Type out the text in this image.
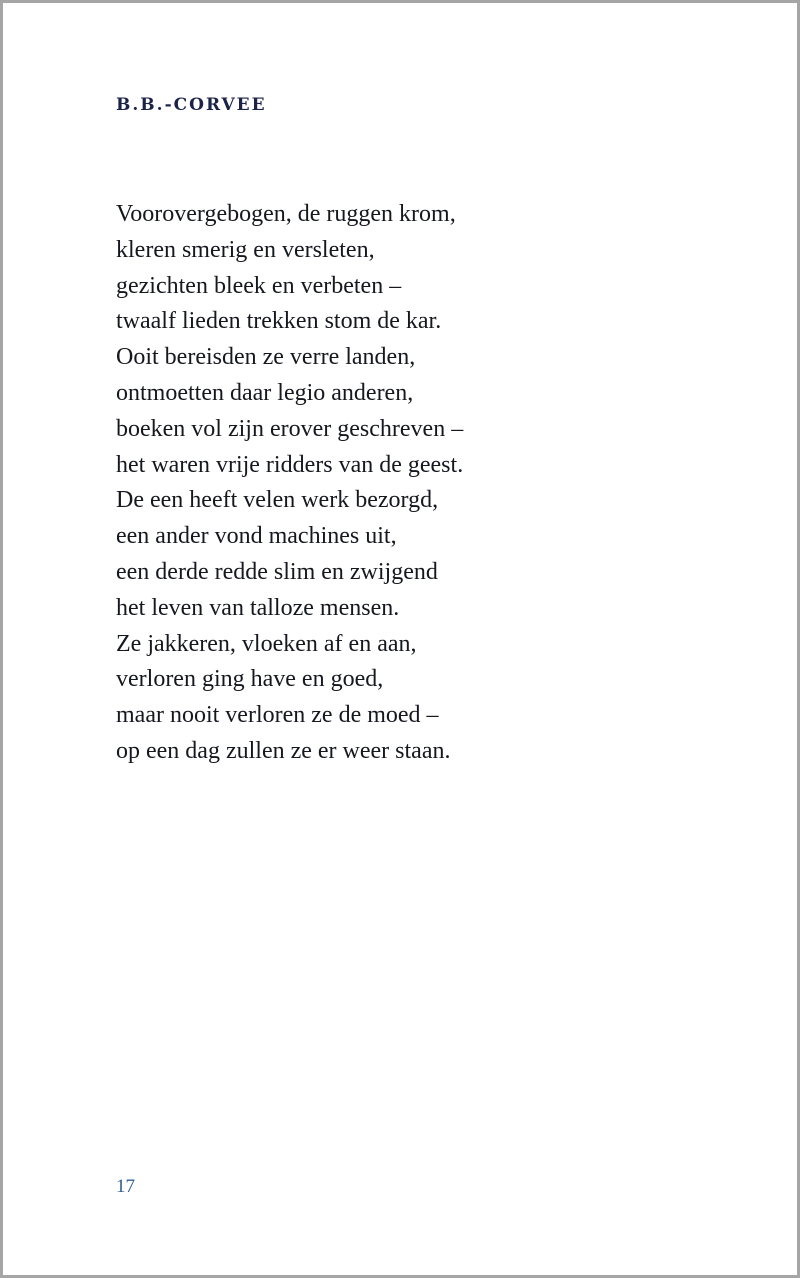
B.B.-CORVEE
Voorovergebogen, de ruggen krom,
kleren smerig en versleten,
gezichten bleek en verbeten –
twaalf lieden trekken stom de kar.
Ooit bereisden ze verre landen,
ontmoetten daar legio anderen,
boeken vol zijn erover geschreven –
het waren vrije ridders van de geest.
De een heeft velen werk bezorgd,
een ander vond machines uit,
een derde redde slim en zwijgend
het leven van talloze mensen.
Ze jakkeren, vloeken af en aan,
verloren ging have en goed,
maar nooit verloren ze de moed –
op een dag zullen ze er weer staan.

17
